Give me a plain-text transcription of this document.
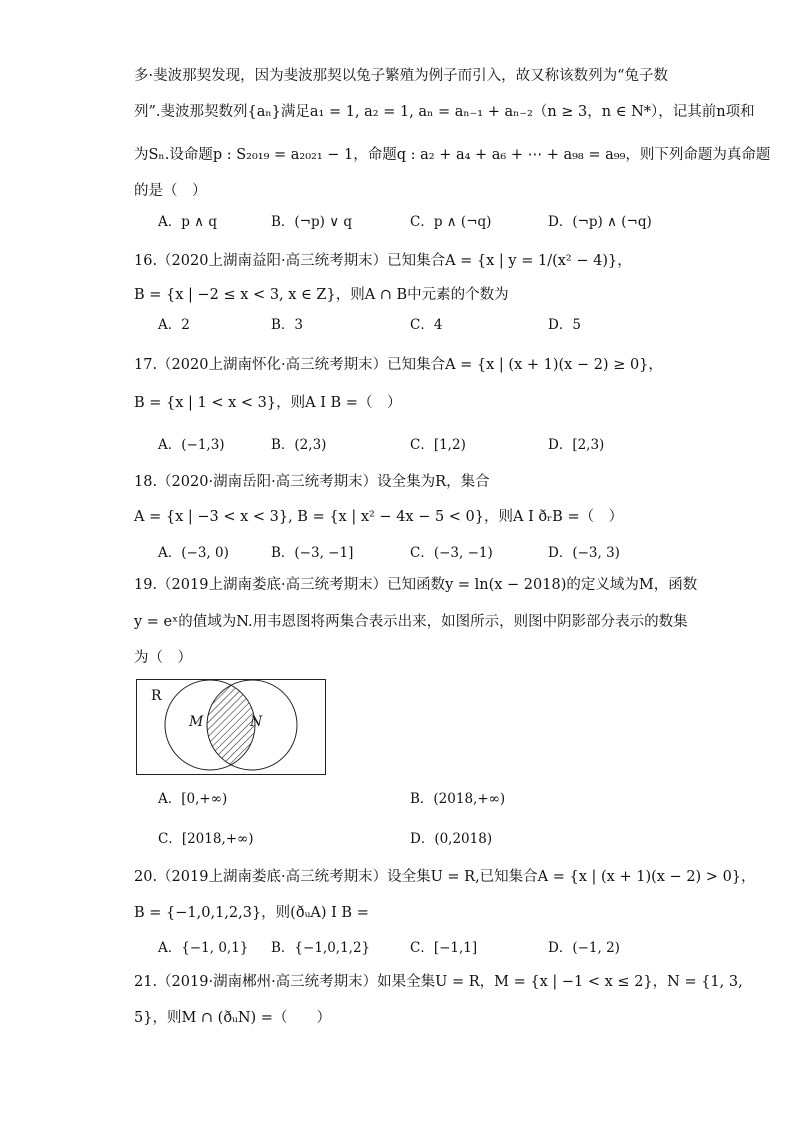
多·斐波那契发现，因为斐波那契以兔子繁殖为例子而引入，故又称该数列为“兔子数
列”.斐波那契数列{aₙ}满足a₁ = 1, a₂ = 1, aₙ = aₙ₋₁ + aₙ₋₂（n ≥ 3，n ∈ N*），记其前n项和
为Sₙ.设命题p : S₂₀₁₉ = a₂₀₂₁ − 1，命题q : a₂ + a₄ + a₆ + ⋯ + a₉₈ = a₉₉，则下列命题为真命题
的是（　）
A．p ∧ q	B．(¬p) ∨ q	C．p ∧ (¬q)	D．(¬p) ∧ (¬q)
16.（2020上湖南益阳·高三统考期末）已知集合A = {x | y = 1/(x² − 4)}，
B = {x | −2 ≤ x < 3, x ∈ Z}，则A ∩ B中元素的个数为
A．2	B．3	C．4	D．5
17.（2020上湖南怀化·高三统考期末）已知集合A = {x | (x + 1)(x − 2) ≥ 0}，
B = {x | 1 < x < 3}，则A I B =（　）
A．(−1,3)	B．(2,3)	C．[1,2)	D．[2,3)
18.（2020·湖南岳阳·高三统考期末）设全集为R，集合
A = {x | −3 < x < 3}, B = {x | x² − 4x − 5 < 0}，则A I ðᵣB =（　）
A．(−3, 0)	B．(−3, −1]	C．(−3, −1)	D．(−3, 3)
19.（2019上湖南娄底·高三统考期末）已知函数y = ln(x − 2018)的定义域为M，函数
y = eˣ的值域为N.用韦恩图将两集合表示出来，如图所示，则图中阴影部分表示的数集
为（　）
R
M	N
A．[0,+∞)	B．(2018,+∞)
C．[2018,+∞)	D．(0,2018)
20.（2019上湖南娄底·高三统考期末）设全集U = R,已知集合A = {x | (x + 1)(x − 2) > 0}，
B = {−1,0,1,2,3}，则(ðᵤA) I B =
A．{−1, 0,1} B．{−1,0,1,2}	C．[−1,1]	D．(−1, 2)
21.（2019·湖南郴州·高三统考期末）如果全集U = R，M = {x | −1 < x ≤ 2}，N = {1, 3,
5}，则M ∩ (ðᵤN) =（　　）
